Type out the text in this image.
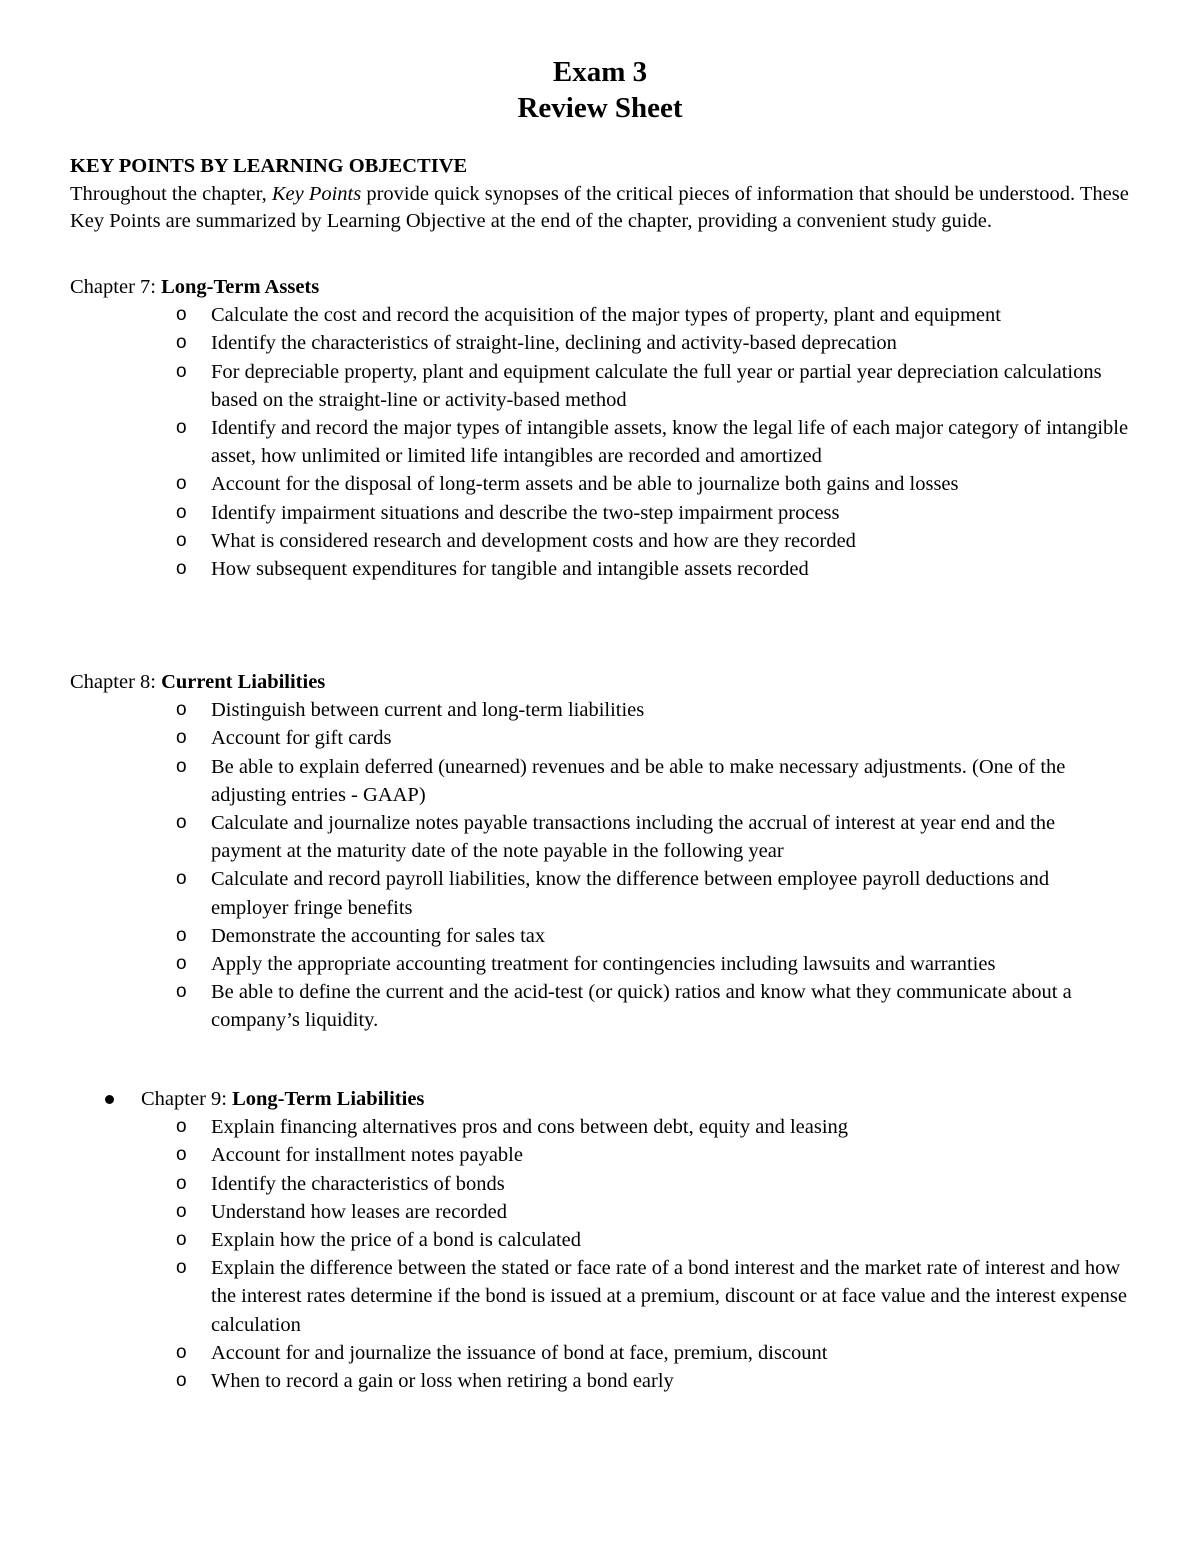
Exam 3
Review Sheet
KEY POINTS BY LEARNING OBJECTIVE
Throughout the chapter, Key Points provide quick synopses of the critical pieces of information that should be understood. These Key Points are summarized by Learning Objective at the end of the chapter, providing a convenient study guide.
Chapter 7: Long-Term Assets
o Calculate the cost and record the acquisition of the major types of property, plant and equipment
o Identify the characteristics of straight-line, declining and activity-based deprecation
o For depreciable property, plant and equipment calculate the full year or partial year depreciation calculations based on the straight-line or activity-based method
o Identify and record the major types of intangible assets, know the legal life of each major category of intangible asset, how unlimited or limited life intangibles are recorded and amortized
o Account for the disposal of long-term assets and be able to journalize both gains and losses
o Identify impairment situations and describe the two-step impairment process
o What is considered research and development costs and how are they recorded
o How subsequent expenditures for tangible and intangible assets recorded
Chapter 8: Current Liabilities
o Distinguish between current and long-term liabilities
o Account for gift cards
o Be able to explain deferred (unearned) revenues and be able to make necessary adjustments. (One of the adjusting entries - GAAP)
o Calculate and journalize notes payable transactions including the accrual of interest at year end and the payment at the maturity date of the note payable in the following year
o Calculate and record payroll liabilities, know the difference between employee payroll deductions and employer fringe benefits
o Demonstrate the accounting for sales tax
o Apply the appropriate accounting treatment for contingencies including lawsuits and warranties
o Be able to define the current and the acid-test (or quick) ratios and know what they communicate about a company’s liquidity.
Chapter 9: Long-Term Liabilities
o Explain financing alternatives pros and cons between debt, equity and leasing
o Account for installment notes payable
o Identify the characteristics of bonds
o Understand how leases are recorded
o Explain how the price of a bond is calculated
o Explain the difference between the stated or face rate of a bond interest and the market rate of interest and how the interest rates determine if the bond is issued at a premium, discount or at face value and the interest expense calculation
o Account for and journalize the issuance of bond at face, premium, discount
o When to record a gain or loss when retiring a bond early
